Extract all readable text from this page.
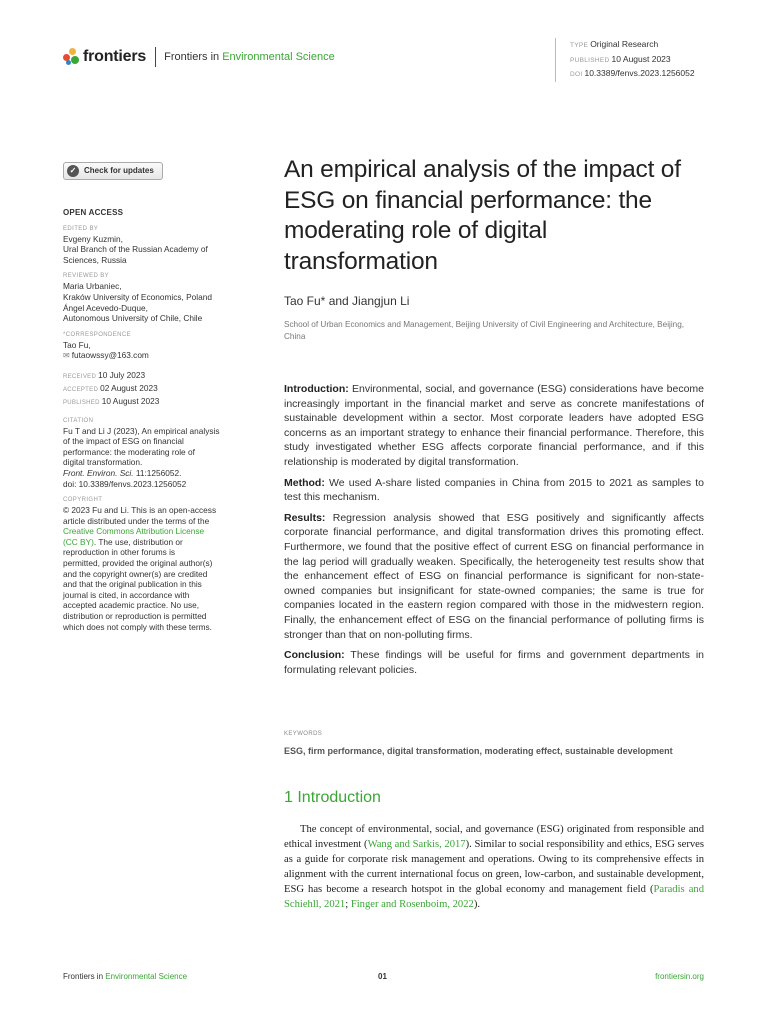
frontiers Frontiers in Environmental Science
TYPE Original Research
PUBLISHED 10 August 2023
DOI 10.3389/fenvs.2023.1256052
✓ Check for updates
OPEN ACCESS
EDITED BY
Evgeny Kuzmin,
Ural Branch of the Russian Academy of
Sciences, Russia
REVIEWED BY
Maria Urbaniec,
Kraków University of Economics, Poland
Ángel Acevedo-Duque,
Autonomous University of Chile, Chile
*CORRESPONDENCE
Tao Fu,
✉ futaowssy@163.com
RECEIVED 10 July 2023
ACCEPTED 02 August 2023
PUBLISHED 10 August 2023
CITATION
Fu T and Li J (2023), An empirical analysis
of the impact of ESG on financial
performance: the moderating role of
digital transformation.
Front. Environ. Sci. 11:1256052.
doi: 10.3389/fenvs.2023.1256052
COPYRIGHT
© 2023 Fu and Li. This is an open-access
article distributed under the terms of the
Creative Commons Attribution License
(CC BY). The use, distribution or
reproduction in other forums is
permitted, provided the original author(s)
and the copyright owner(s) are credited
and that the original publication in this
journal is cited, in accordance with
accepted academic practice. No use,
distribution or reproduction is permitted
which does not comply with these terms.
An empirical analysis of the impact of ESG on financial performance: the moderating role of digital transformation
Tao Fu* and Jiangjun Li
School of Urban Economics and Management, Beijing University of Civil Engineering and Architecture, Beijing, China

Introduction: Environmental, social, and governance (ESG) considerations have become increasingly important in the financial market and serve as concrete manifestations of sustainable development within a sector. Most corporate leaders have adopted ESG concerns as an important strategy to enhance their financial performance. Therefore, this study investigated whether ESG affects corporate financial performance, and if this relationship is moderated by digital transformation.

Method: We used A-share listed companies in China from 2015 to 2021 as samples to test this mechanism.

Results: Regression analysis showed that ESG positively and significantly affects corporate financial performance, and digital transformation drives this promoting effect. Furthermore, we found that the positive effect of current ESG on financial performance in the lag period will gradually weaken. Specifically, the heterogeneity test results show that the enhancement effect of ESG on financial performance is significant for non-state-owned companies but insignificant for state-owned companies; the same is true for companies located in the eastern region compared with those in the midwestern region. Finally, the enhancement effect of ESG on the financial performance of polluting firms is stronger than that on non-polluting firms.

Conclusion: These findings will be useful for firms and government departments in formulating relevant policies.

KEYWORDS
ESG, firm performance, digital transformation, moderating effect, sustainable development
1 Introduction
The concept of environmental, social, and governance (ESG) originated from responsible and ethical investment (Wang and Sarkis, 2017). Similar to social responsibility and ethics, ESG serves as a guide for corporate risk management and operations. Owing to its comprehensive effects in alignment with the current international focus on green, low-carbon, and sustainable development, ESG has become a research hotspot in the global economy and management field (Paradis and Schiehll, 2021; Finger and Rosenboim, 2022).
Frontiers in Environmental Science	01	frontiersin.org
